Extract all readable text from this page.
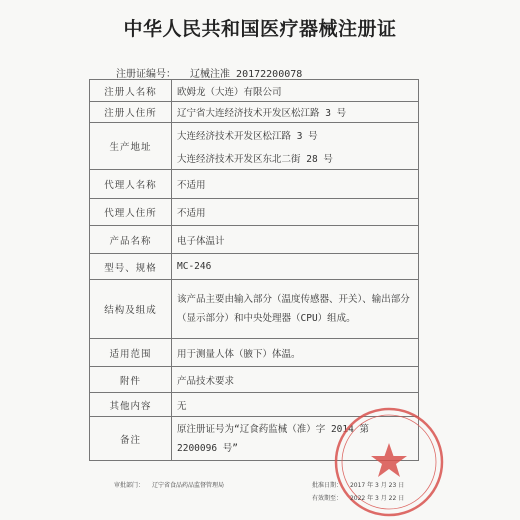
中华人民共和国医疗器械注册证
注册证编号： 辽械注准 20172200078
注册人名称	欧姆龙（大连）有限公司
注册人住所	辽宁省大连经济技术开发区松江路 3 号
生产地址	大连经济技术开发区松江路 3 号
大连经济技术开发区东北二街 28 号

代理人名称	不适用
代理人住所	不适用
产品名称	电子体温计
型号、规格	MC-246
结构及组成	该产品主要由输入部分（温度传感器、开关）、输出部分（显示部分）和中央处理器（CPU）组成。
适用范围	用于测量人体（腋下）体温。
附件	产品技术要求
其他内容	无
备注	原注册证号为“辽食药监械（准）字 2014 第 2200096 号”
审批部门： 辽宁省食品药品监督管理局	批准日期： 2017 年 3 月 23 日
有效期至： 2022 年 3 月 22 日
